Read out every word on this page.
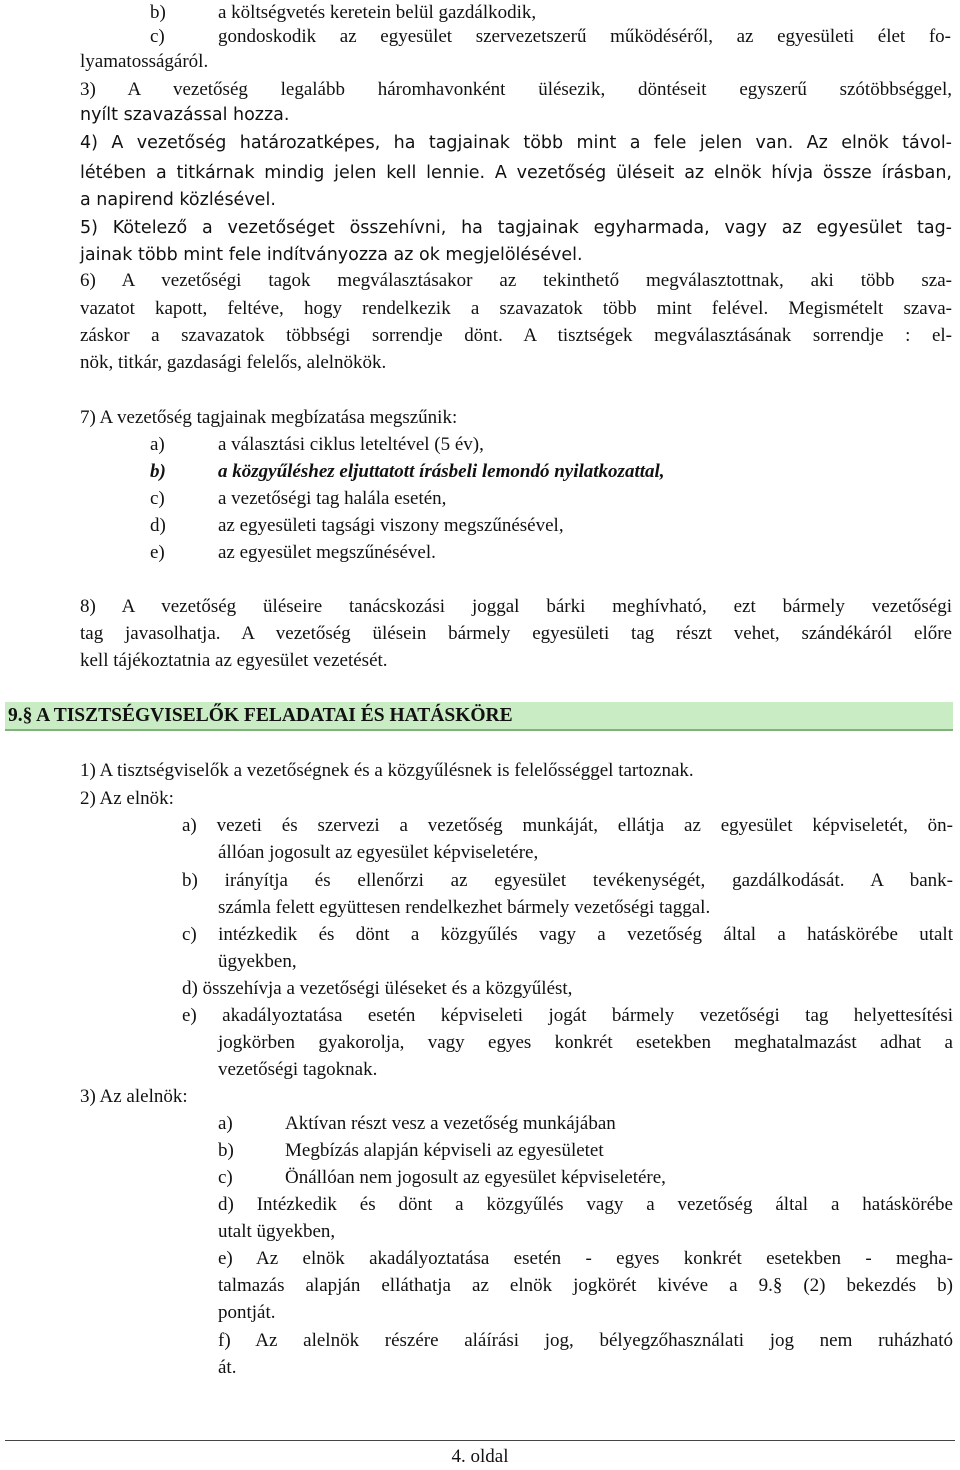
b)	a költségvetés keretein belül gazdálkodik,
c)	gondoskodik az egyesület szervezetszerű működéséről, az egyesületi élet fo-
lyamatosságáról.
3) A vezetőség legalább háromhavonként ülésezik, döntéseit egyszerű szótöbbséggel,
nyílt szavazással hozza.
4) A vezetőség határozatképes, ha tagjainak több mint a fele jelen van. Az elnök távol-
létében a titkárnak mindig jelen kell lennie. A vezetőség üléseit az elnök hívja össze írásban,
a napirend közlésével.
5) Kötelező a vezetőséget összehívni, ha tagjainak egyharmada, vagy az egyesület tag-
jainak több mint fele indítványozza az ok megjelölésével.
6) A vezetőségi tagok megválasztásakor az tekinthető megválasztottnak, aki több sza-
vazatot kapott, feltéve, hogy rendelkezik a szavazatok több mint felével. Megismételt szava-
záskor a szavazatok többségi sorrendje dönt. A tisztségek megválasztásának sorrendje : el-
nök, titkár, gazdasági felelős, alelnökök.
7) A vezetőség tagjainak megbízatása megszűnik:
a)	a választási ciklus leteltével (5 év),
b)	a közgyűléshez eljuttatott írásbeli lemondó nyilatkozattal,
c)	a vezetőségi tag halála esetén,
d)	az egyesületi tagsági viszony megszűnésével,
e)	az egyesület megszűnésével.
8) A vezetőség üléseire tanácskozási joggal bárki meghívható, ezt bármely vezetőségi
tag javasolhatja. A vezetőség ülésein bármely egyesületi tag részt vehet, szándékáról előre
kell tájékoztatnia az egyesület vezetését.
9.§ A TISZTSÉGVISELŐK FELADATAI ÉS HATÁSKÖRE
1) A tisztségviselők a vezetőségnek és a közgyűlésnek is felelősséggel tartoznak.
2) Az elnök:
a) vezeti és szervezi a vezetőség munkáját, ellátja az egyesület képviseletét, ön-
állóan jogosult az egyesület képviseletére,
b) irányítja és ellenőrzi az egyesület tevékenységét, gazdálkodását. A bank-
számla felett együttesen rendelkezhet bármely vezetőségi taggal.
c) intézkedik és dönt a közgyűlés vagy a vezetőség által a hatáskörébe utalt
ügyekben,
d) összehívja a vezetőségi üléseket és a közgyűlést,
e) akadályoztatása esetén képviseleti jogát bármely vezetőségi tag helyettesítési
jogkörben gyakorolja, vagy egyes konkrét esetekben meghatalmazást adhat a
vezetőségi tagoknak.
3) Az alelnök:
a)	Aktívan részt vesz a vezetőség munkájában
b)	Megbízás alapján képviseli az egyesületet
c)	Önállóan nem jogosult az egyesület képviseletére,
d) Intézkedik és dönt a közgyűlés vagy a vezetőség által a hatáskörébe
utalt ügyekben,
e) Az elnök akadályoztatása esetén - egyes konkrét esetekben - megha-
talmazás alapján elláthatja az elnök jogkörét kivéve a 9.§ (2) bekezdés b)
pontját.
f) Az alelnök részére aláírási jog, bélyegzőhasználati jog nem ruházható
át.
4. oldal
